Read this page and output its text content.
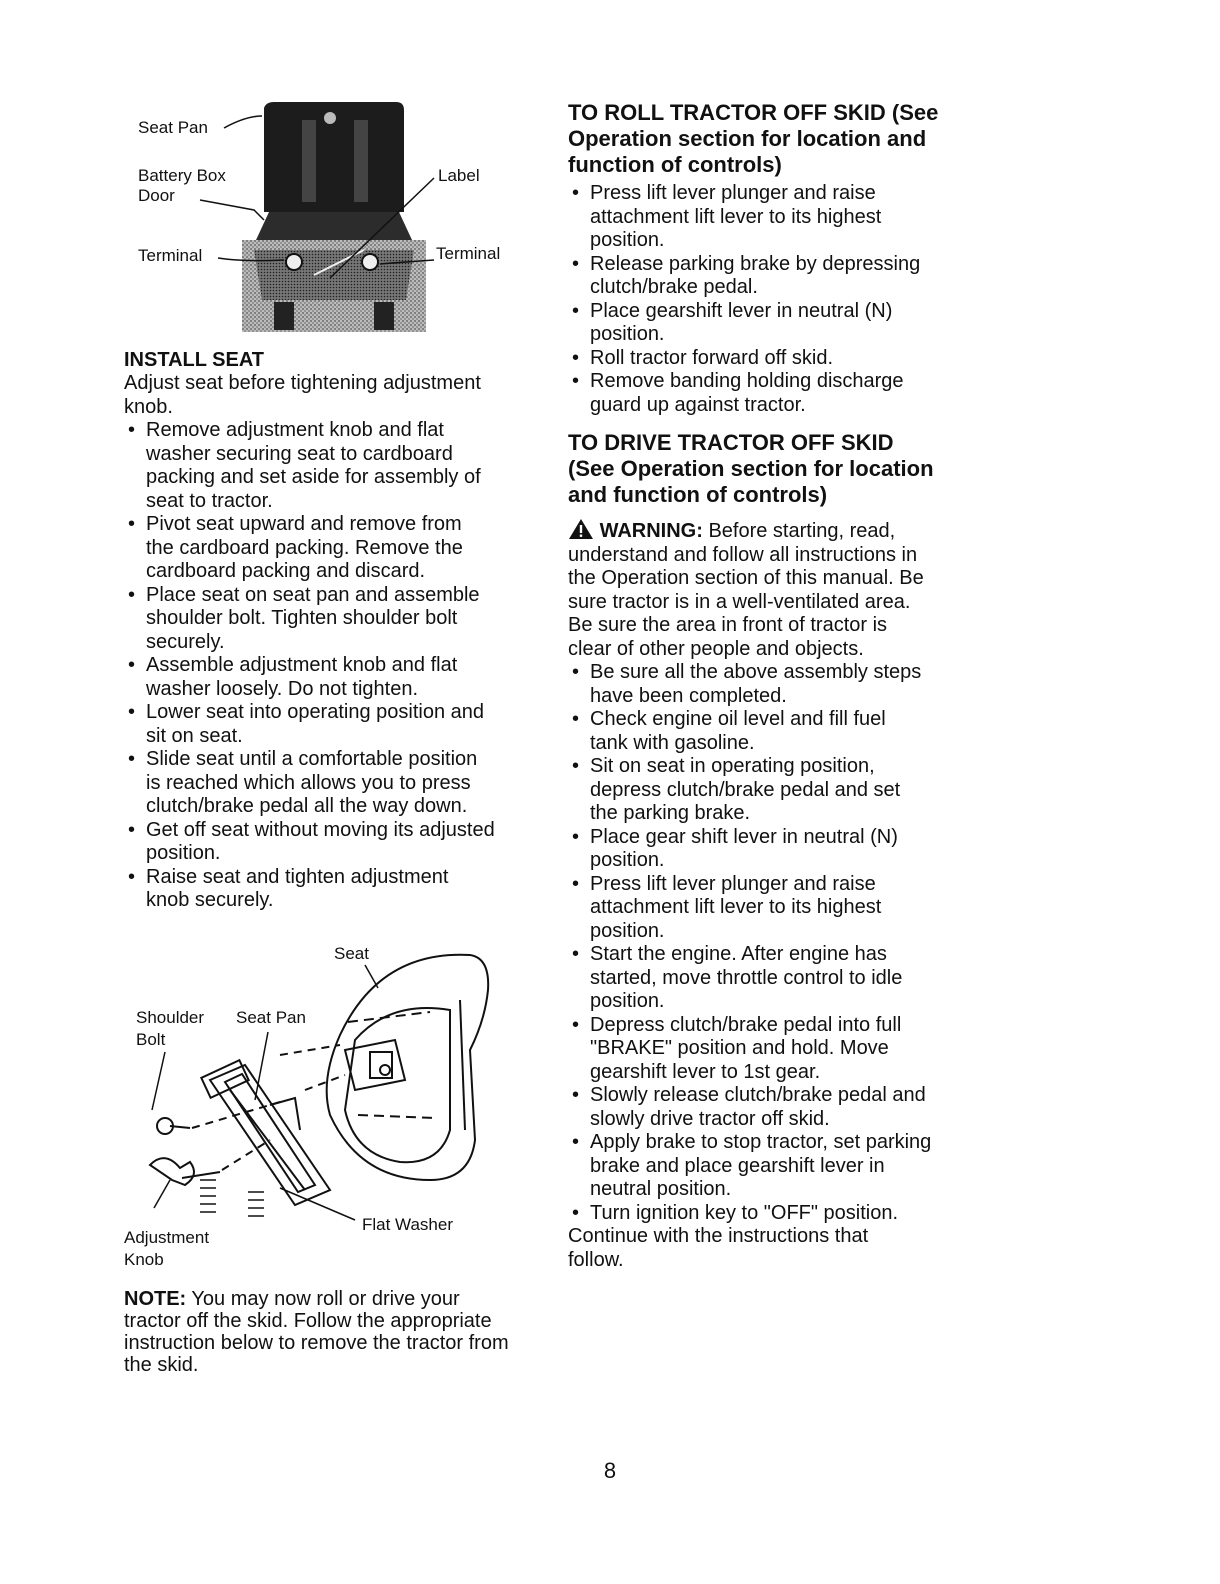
Seat Pan
Battery Box
Door
Terminal
Label
Terminal
INSTALL SEAT

Adjust seat before tightening adjustment
knob.

• Remove adjustment knob and flat
washer securing seat to cardboard
packing and set aside for assembly of
seat to tractor.
• Pivot seat upward and remove from
the cardboard packing. Remove the
cardboard packing and discard.
• Place seat on seat pan and assemble
shoulder bolt. Tighten shoulder bolt
securely.
• Assemble adjustment knob and flat
washer loosely. Do not tighten.
• Lower seat into operating position and
sit on seat.
• Slide seat until a comfortable position
is reached which allows you to press
clutch/brake pedal all the way down.
• Get off seat without moving its adjusted
position.
• Raise seat and tighten adjustment
knob securely.
Seat
Shoulder
Bolt
Seat Pan
Adjustment
Knob
Flat Washer

NOTE: You may now roll or drive your
tractor off the skid. Follow the appropriate
instruction below to remove the tractor from
the skid.

TO ROLL TRACTOR OFF SKID (See
Operation section for location and
function of controls)
• Press lift lever plunger and raise
attachment lift lever to its highest
position.
• Release parking brake by depressing
clutch/brake pedal.
• Place gearshift lever in neutral (N)
position.
• Roll tractor forward off skid.
• Remove banding holding discharge
guard up against tractor.
TO DRIVE TRACTOR OFF SKID
(See Operation section for location
and function of controls)

WARNING: Before starting, read,
understand and follow all instructions in
the Operation section of this manual. Be
sure tractor is in a well-ventilated area.
Be sure the area in front of tractor is
clear of other people and objects.

• Be sure all the above assembly steps
have been completed.
• Check engine oil level and fill fuel
tank with gasoline.
• Sit on seat in operating position,
depress clutch/brake pedal and set
the parking brake.
• Place gear shift lever in neutral (N)
position.
• Press lift lever plunger and raise
attachment lift lever to its highest
position.
• Start the engine. After engine has
started, move throttle control to idle
position.
• Depress clutch/brake pedal into full
"BRAKE" position and hold. Move
gearshift lever to 1st gear.
• Slowly release clutch/brake pedal and
slowly drive tractor off skid.
• Apply brake to stop tractor, set parking
brake and place gearshift lever in
neutral position.
• Turn ignition key to "OFF" position.

Continue with the instructions that
follow.

8
